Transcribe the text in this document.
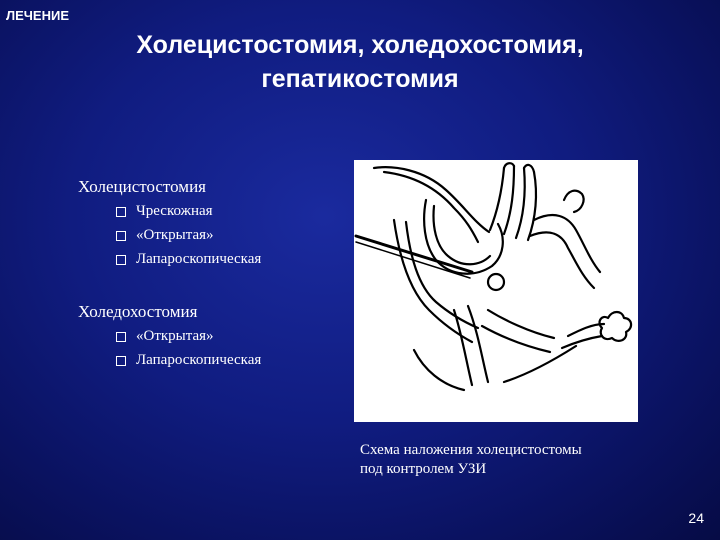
ЛЕЧЕНИЕ
Холецистостомия, холедохостомия,
гепатикостомия
Холецистостомия
Чрескожная
«Открытая»
Лапароскопическая
Холедохостомия
«Открытая»
Лапароскопическая
Схема наложения холецистостомы
под контролем УЗИ
24
